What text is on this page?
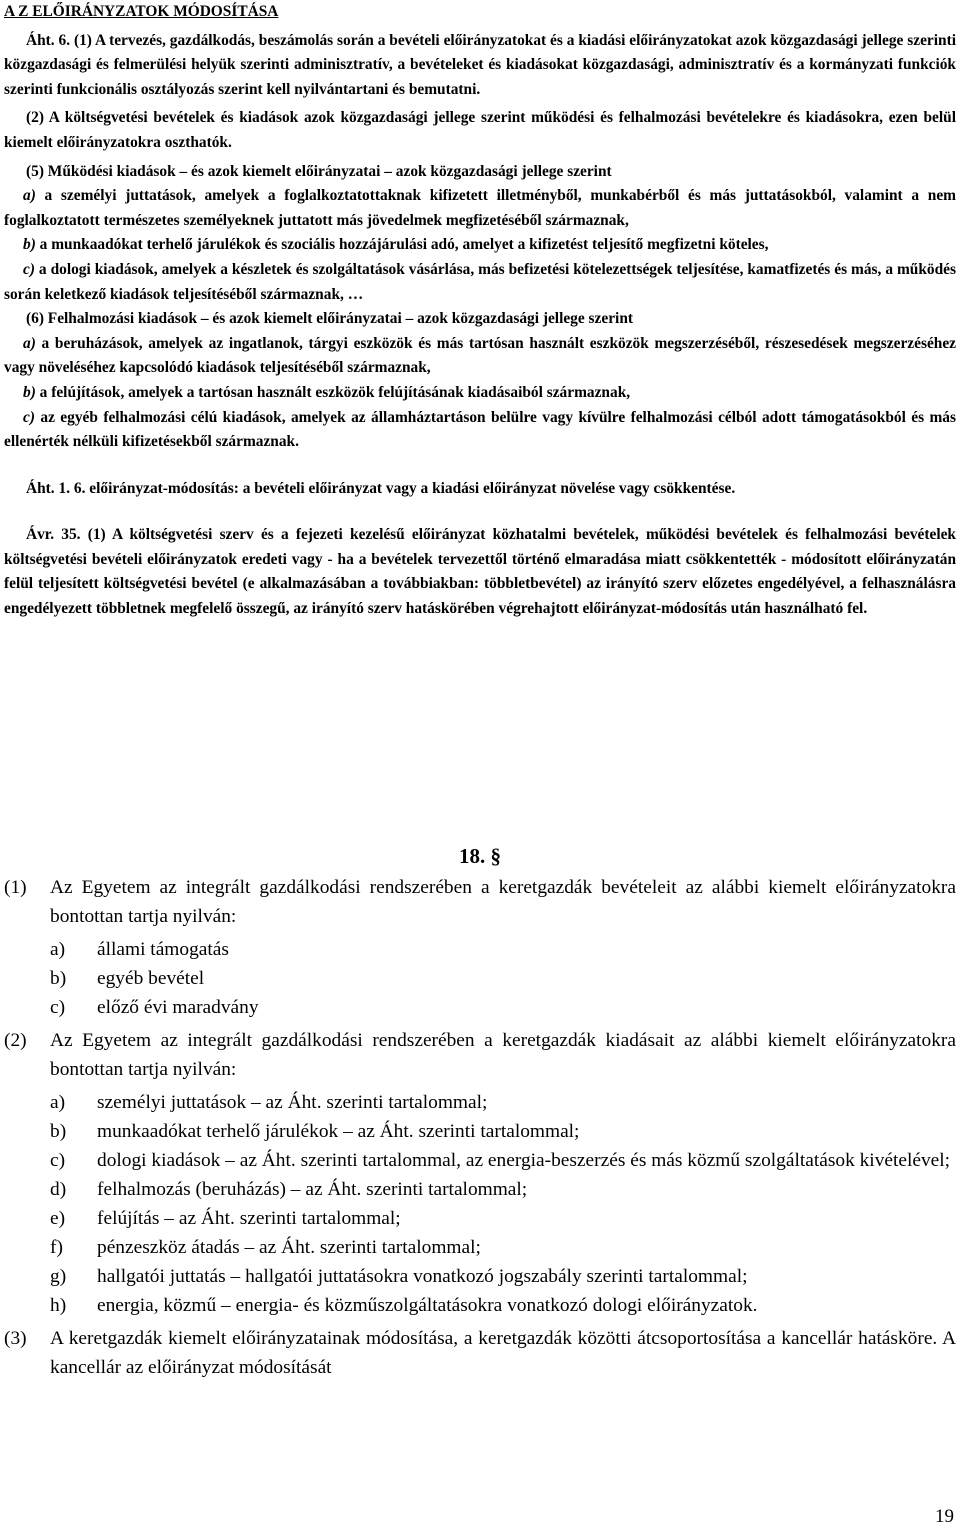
A Z ELŐIRÁNYZATOK MÓDOSÍTÁSA

Áht. 6. (1) A tervezés, gazdálkodás, beszámolás során a bevételi előirányzatokat és a kiadási előirányzatokat azok közgazdasági jellege szerinti közgazdasági és felmerülési helyük szerinti adminisztratív, a bevételeket és kiadásokat közgazdasági, adminisztratív és a kormányzati funkciók szerinti funkcionális osztályozás szerint kell nyilvántartani és bemutatni.

(2) A költségvetési bevételek és kiadások azok közgazdasági jellege szerint működési és felhalmozási bevételekre és kiadásokra, ezen belül kiemelt előirányzatokra oszthatók.

(5) Működési kiadások – és azok kiemelt előirányzatai – azok közgazdasági jellege szerint

a) a személyi juttatások, amelyek a foglalkoztatottaknak kifizetett illetményből, munkabérből és más juttatásokból, valamint a nem foglalkoztatott természetes személyeknek juttatott más jövedelmek megfizetéséből származnak,

b) a munkaadókat terhelő járulékok és szociális hozzájárulási adó, amelyet a kifizetést teljesítő megfizetni köteles,

c) a dologi kiadások, amelyek a készletek és szolgáltatások vásárlása, más befizetési kötelezettségek teljesítése, kamatfizetés és más, a működés során keletkező kiadások teljesítéséből származnak, …

(6) Felhalmozási kiadások – és azok kiemelt előirányzatai – azok közgazdasági jellege szerint

a) a beruházások, amelyek az ingatlanok, tárgyi eszközök és más tartósan használt eszközök megszerzéséből, részesedések megszerzéséhez vagy növeléséhez kapcsolódó kiadások teljesítéséből származnak,

b) a felújítások, amelyek a tartósan használt eszközök felújításának kiadásaiból származnak,

c) az egyéb felhalmozási célú kiadások, amelyek az államháztartáson belülre vagy kívülre felhalmozási célból adott támogatásokból és más ellenérték nélküli kifizetésekből származnak.

Áht. 1. 6. előirányzat-módosítás: a bevételi előirányzat vagy a kiadási előirányzat növelése vagy csökkentése.

Ávr. 35. (1) A költségvetési szerv és a fejezeti kezelésű előirányzat közhatalmi bevételek, működési bevételek és felhalmozási bevételek költségvetési bevételi előirányzatok eredeti vagy - ha a bevételek tervezettől történő elmaradása miatt csökkentették - módosított előirányzatán felül teljesített költségvetési bevétel (e alkalmazásában a továbbiakban: többletbevétel) az irányító szerv előzetes engedélyével, a felhasználásra engedélyezett többletnek megfelelő összegű, az irányító szerv hatáskörében végrehajtott előirányzat-módosítás után használható fel.

18. §

(1)	Az Egyetem az integrált gazdálkodási rendszerében a keretgazdák bevételeit az alábbi kiemelt előirányzatokra bontottan tartja nyilván:
a)	állami támogatás
b)	egyéb bevétel
c)	előző évi maradvány
(2)	Az Egyetem az integrált gazdálkodási rendszerében a keretgazdák kiadásait az alábbi kiemelt előirányzatokra bontottan tartja nyilván:
a)	személyi juttatások – az Áht. szerinti tartalommal;
b)	munkaadókat terhelő járulékok – az Áht. szerinti tartalommal;
c)	dologi kiadások – az Áht. szerinti tartalommal, az energia-beszerzés és más közmű szolgáltatások kivételével;
d)	felhalmozás (beruházás) – az Áht. szerinti tartalommal;
e)	felújítás – az Áht. szerinti tartalommal;
f)	pénzeszköz átadás – az Áht. szerinti tartalommal;
g)	hallgatói juttatás – hallgatói juttatásokra vonatkozó jogszabály szerinti tartalommal;
h)	energia, közmű – energia- és közműszolgáltatásokra vonatkozó dologi előirányzatok.
(3)	A keretgazdák kiemelt előirányzatainak módosítása, a keretgazdák közötti átcsoportosítása a kancellár hatásköre. A kancellár az előirányzat módosítását
19
